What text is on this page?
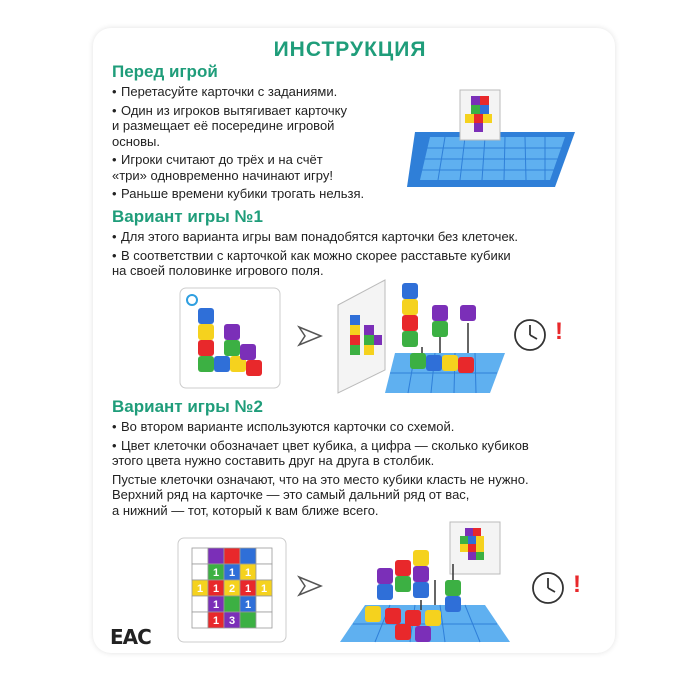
ИНСТРУКЦИЯ
Перед игрой
• Перетасуйте карточки с заданиями.
• Один из игроков вытягивает карточку
и размещает её посередине игровой
основы.
• Игроки считают до трёх и на счёт
«три» одновременно начинают игру!
• Раньше времени кубики трогать нельзя.
Вариант игры №1
• Для этого варианта игры вам понадобятся карточки без клеточек.
• В соответствии с карточкой как можно скорее расставьте кубики
на своей половинке игрового поля.
!
Вариант игры №2
• Во втором варианте используются карточки со схемой.
• Цвет клеточки обозначает цвет кубика, а цифра — сколько кубиков
этого цвета нужно составить друг на друга в столбик.
Пустые клеточки означают, что на это место кубики класть не нужно.
Верхний ряд на карточке — это самый дальний ряд от вас,
а нижний — тот, который к вам ближе всего.
1 1 1
1 1
1 2 1
1 1
3
1
!
EAC
